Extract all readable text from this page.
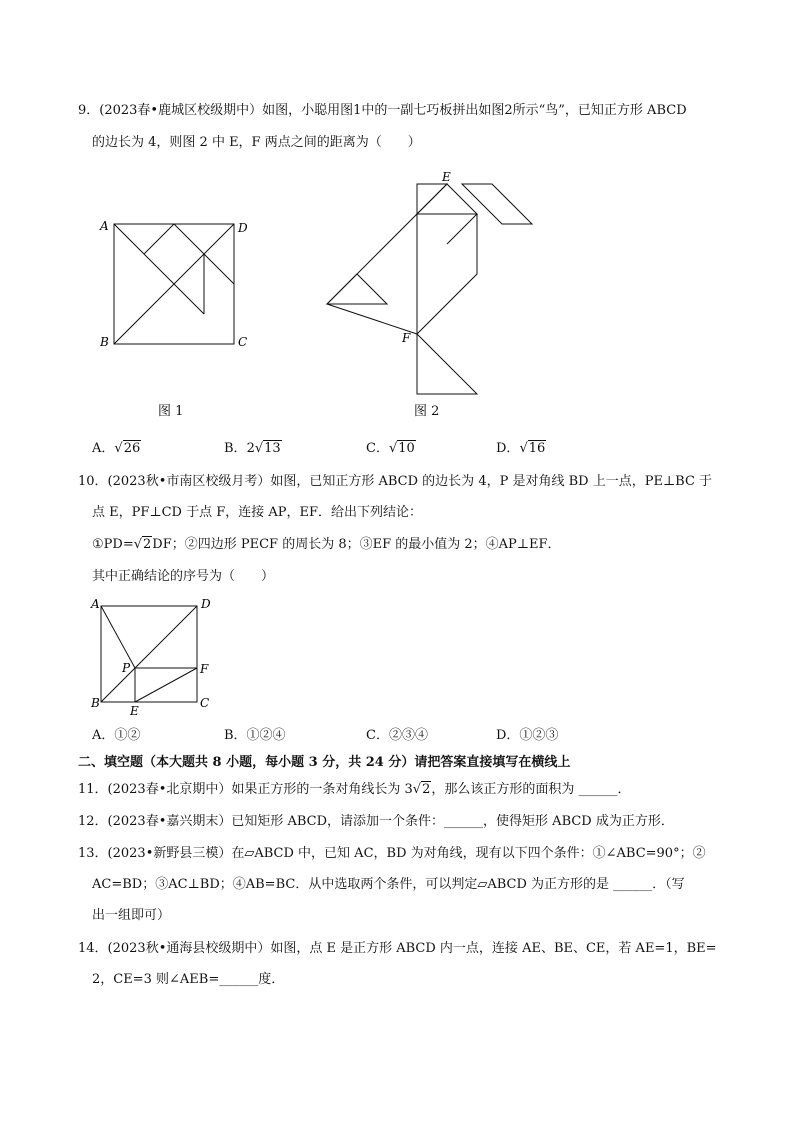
9．(2023春•鹿城区校级期中）如图，小聪用图1中的一副七巧板拼出如图2所示“鸟”，已知正方形 ABCD
的边长为 4，则图 2 中 E，F 两点之间的距离为（　　）
A	D
B	C
图 1
E
F
图 2
A．√26	B．2√13	C．√10	D．√16
10．(2023秋•市南区校级月考）如图，已知正方形 ABCD 的边长为 4，P 是对角线 BD 上一点，PE⊥BC 于
点 E，PF⊥CD 于点 F，连接 AP，EF．给出下列结论：
①PD=√2DF；②四边形 PECF 的周长为 8；③EF 的最小值为 2；④AP⊥EF．
其中正确结论的序号为（　　）
A	D
B	C
P	F
E
A．①②	B．①②④	C．②③④	D．①②③
二、填空题（本大题共 8 小题，每小题 3 分，共 24 分）请把答案直接填写在横线上
11．(2023春•北京期中）如果正方形的一条对角线长为 3√2，那么该正方形的面积为 ______．
12．(2023春•嘉兴期末）已知矩形 ABCD，请添加一个条件：______，使得矩形 ABCD 成为正方形．
13．(2023•新野县三模）在▱ABCD 中，已知 AC，BD 为对角线，现有以下四个条件：①∠ABC=90°；②
AC=BD；③AC⊥BD；④AB=BC．从中选取两个条件，可以判定▱ABCD 为正方形的是 ______．（写
出一组即可）
14．(2023秋•通海县校级期中）如图，点 E 是正方形 ABCD 内一点，连接 AE、BE、CE，若 AE=1，BE=
2，CE=3 则∠AEB=______度．
